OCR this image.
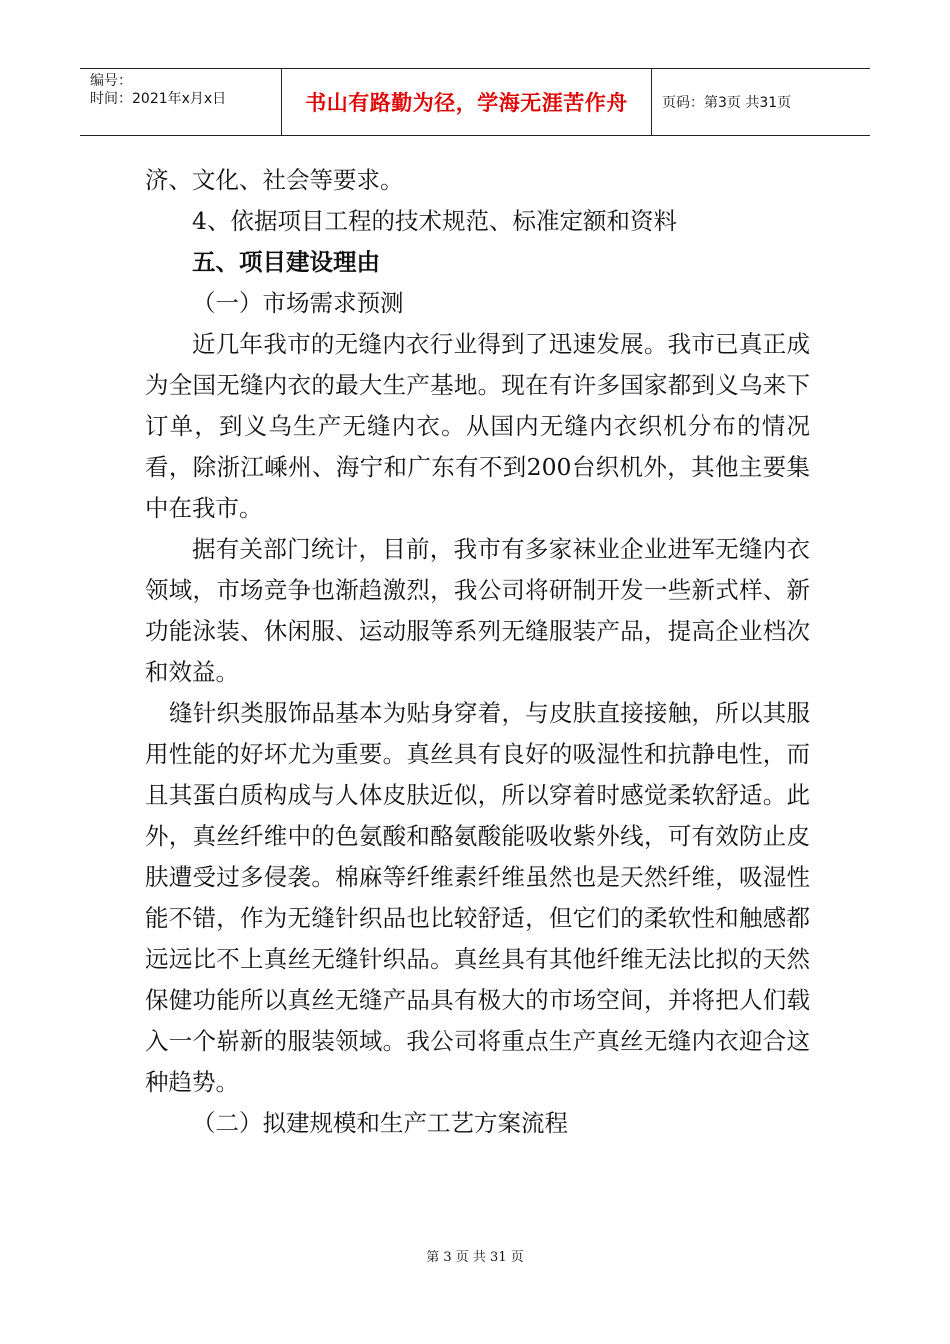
编号：
时间：2021年x月x日	书山有路勤为径，学海无涯苦作舟	页码：第3页 共31页

济、文化、社会等要求。

4、依据项目工程的技术规范、标准定额和资料

五、项目建设理由

（一）市场需求预测

近几年我市的无缝内衣行业得到了迅速发展。我市已真正成为全国无缝内衣的最大生产基地。现在有许多国家都到义乌来下订单，到义乌生产无缝内衣。从国内无缝内衣织机分布的情况看，除浙江嵊州、海宁和广东有不到200台织机外，其他主要集中在我市。

据有关部门统计，目前，我市有多家袜业企业进军无缝内衣领域，市场竞争也渐趋激烈，我公司将研制开发一些新式样、新功能泳装、休闲服、运动服等系列无缝服装产品，提高企业档次和效益。

缝针织类服饰品基本为贴身穿着，与皮肤直接接触，所以其服用性能的好坏尤为重要。真丝具有良好的吸湿性和抗静电性，而且其蛋白质构成与人体皮肤近似，所以穿着时感觉柔软舒适。此外，真丝纤维中的色氨酸和酪氨酸能吸收紫外线，可有效防止皮肤遭受过多侵袭。棉麻等纤维素纤维虽然也是天然纤维，吸湿性能不错，作为无缝针织品也比较舒适，但它们的柔软性和触感都远远比不上真丝无缝针织品。真丝具有其他纤维无法比拟的天然保健功能所以真丝无缝产品具有极大的市场空间，并将把人们载入一个崭新的服装领域。我公司将重点生产真丝无缝内衣迎合这种趋势。

（二）拟建规模和生产工艺方案流程

第 3 页 共 31 页
